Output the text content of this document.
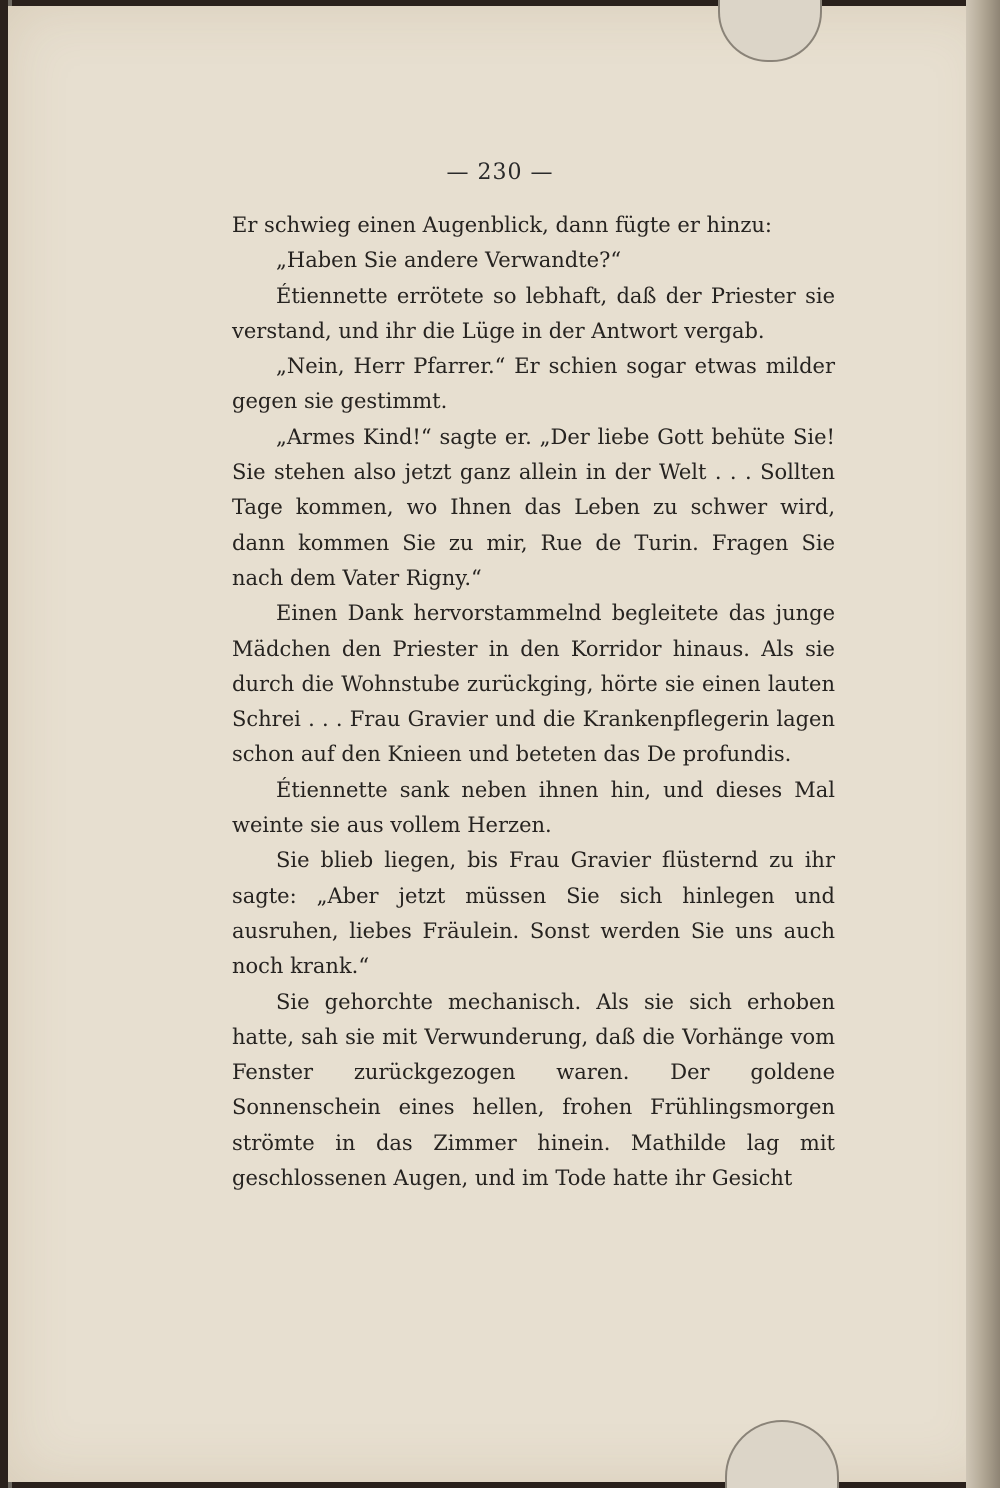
— 230 —

Er schwieg einen Augenblick, dann fügte er hinzu:

„Haben Sie andere Verwandte?“

Étiennette errötete so lebhaft, daß der Priester sie verstand, und ihr die Lüge in der Antwort vergab.

„Nein, Herr Pfarrer.“ Er schien sogar etwas milder gegen sie gestimmt.

„Armes Kind!“ sagte er. „Der liebe Gott behüte Sie! Sie stehen also jetzt ganz allein in der Welt . . . Sollten Tage kommen, wo Ihnen das Leben zu schwer wird, dann kommen Sie zu mir, Rue de Turin. Fragen Sie nach dem Vater Rigny.“

Einen Dank hervorstammelnd begleitete das junge Mädchen den Priester in den Korridor hinaus. Als sie durch die Wohnstube zurückging, hörte sie einen lauten Schrei . . . Frau Gravier und die Krankenpflegerin lagen schon auf den Knieen und beteten das De profundis.

Étiennette sank neben ihnen hin, und dieses Mal weinte sie aus vollem Herzen.

Sie blieb liegen, bis Frau Gravier flüsternd zu ihr sagte: „Aber jetzt müssen Sie sich hinlegen und ausruhen, liebes Fräulein. Sonst werden Sie uns auch noch krank.“

Sie gehorchte mechanisch. Als sie sich erhoben hatte, sah sie mit Verwunderung, daß die Vorhänge vom Fenster zurückgezogen waren. Der goldene Sonnenschein eines hellen, frohen Frühlingsmorgen strömte in das Zimmer hinein. Mathilde lag mit geschlossenen Augen, und im Tode hatte ihr Gesicht
